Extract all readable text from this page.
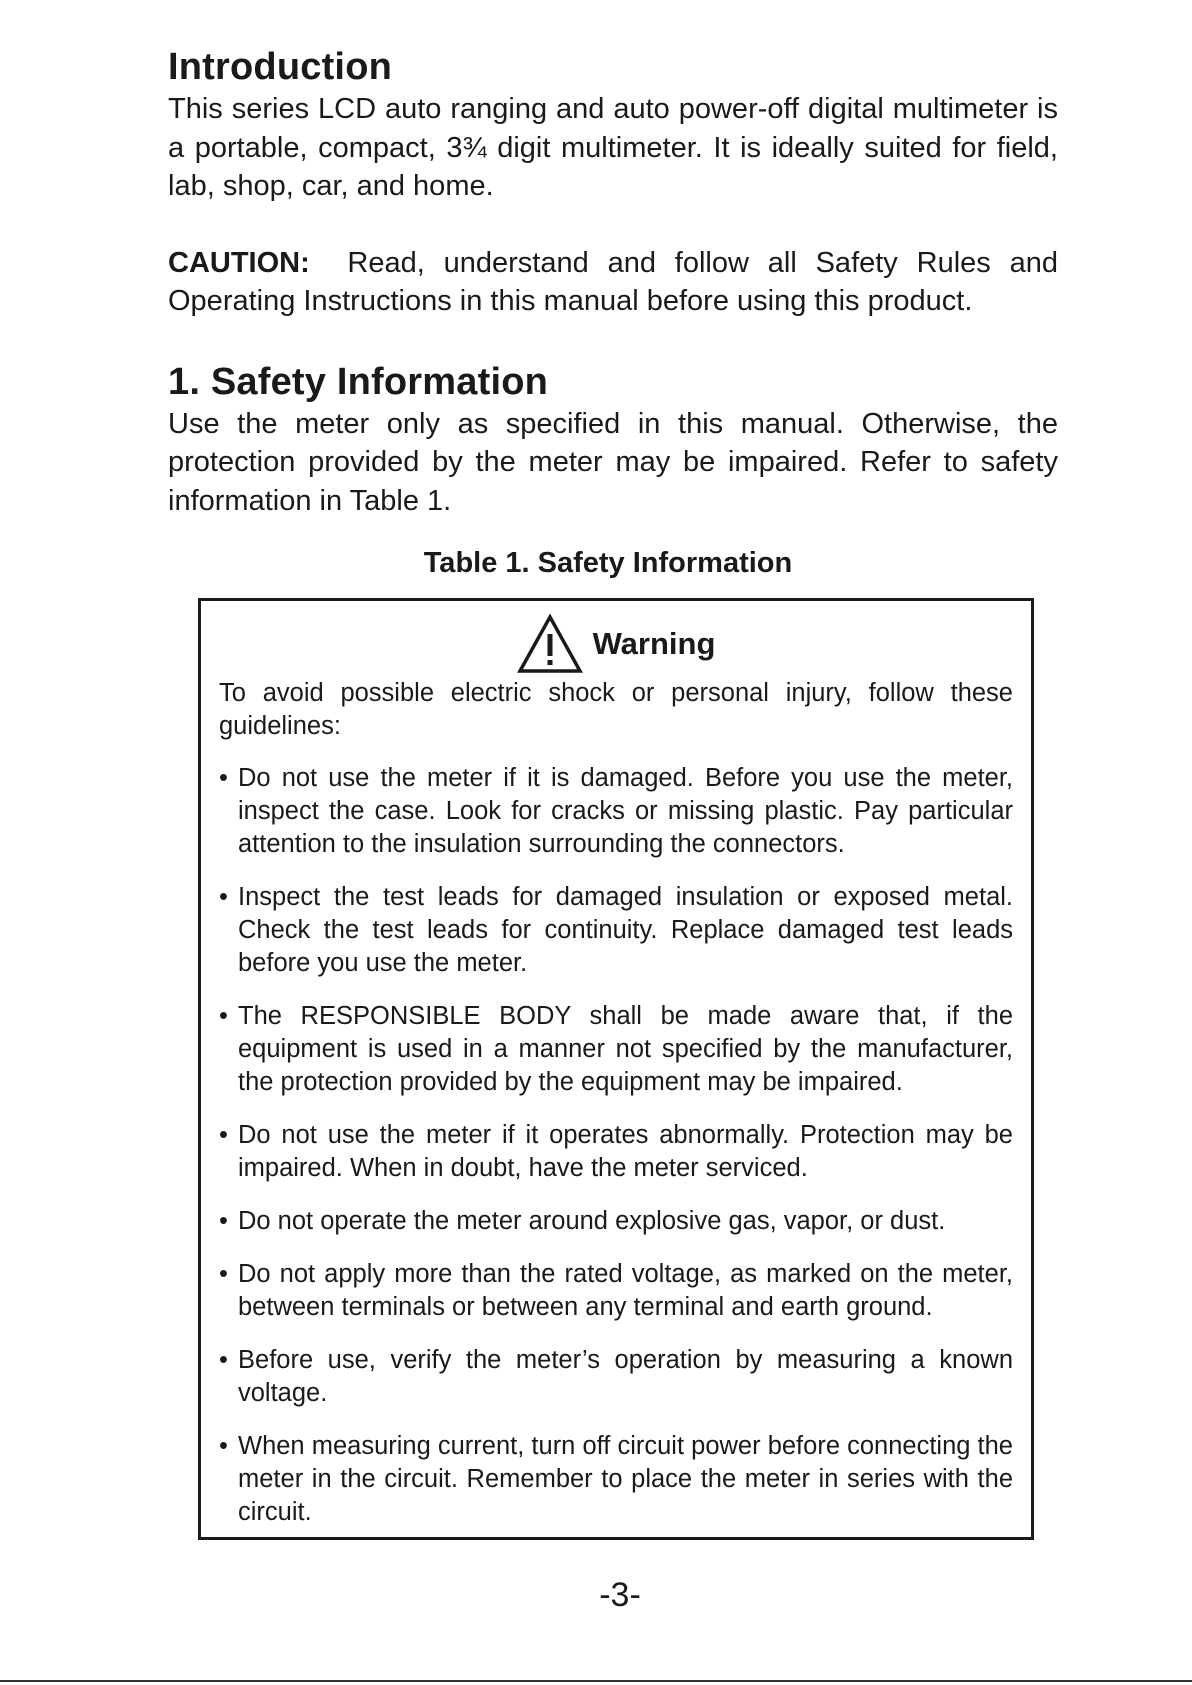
Introduction

This series LCD auto ranging and auto power-off digital multimeter is a portable, compact, 3¾ digit multimeter. It is ideally suited for field, lab, shop, car, and home.

CAUTION: Read, understand and follow all Safety Rules and Operating Instructions in this manual before using this product.

1. Safety Information

Use the meter only as specified in this manual. Otherwise, the protection provided by the meter may be impaired. Refer to safety information in Table 1.

Table 1. Safety Information
Warning

To avoid possible electric shock or personal injury, follow these guidelines:

• Do not use the meter if it is damaged. Before you use the meter, inspect the case. Look for cracks or missing plastic. Pay particular attention to the insulation surrounding the connectors.
• Inspect the test leads for damaged insulation or exposed metal. Check the test leads for continuity. Replace damaged test leads before you use the meter.
• The RESPONSIBLE BODY shall be made aware that, if the equipment is used in a manner not specified by the manufacturer, the protection provided by the equipment may be impaired.
• Do not use the meter if it operates abnormally. Protection may be impaired. When in doubt, have the meter serviced.
• Do not operate the meter around explosive gas, vapor, or dust.
• Do not apply more than the rated voltage, as marked on the meter, between terminals or between any terminal and earth ground.
• Before use, verify the meter’s operation by measuring a known voltage.
• When measuring current, turn off circuit power before connecting the meter in the circuit. Remember to place the meter in series with the circuit.
-3-
